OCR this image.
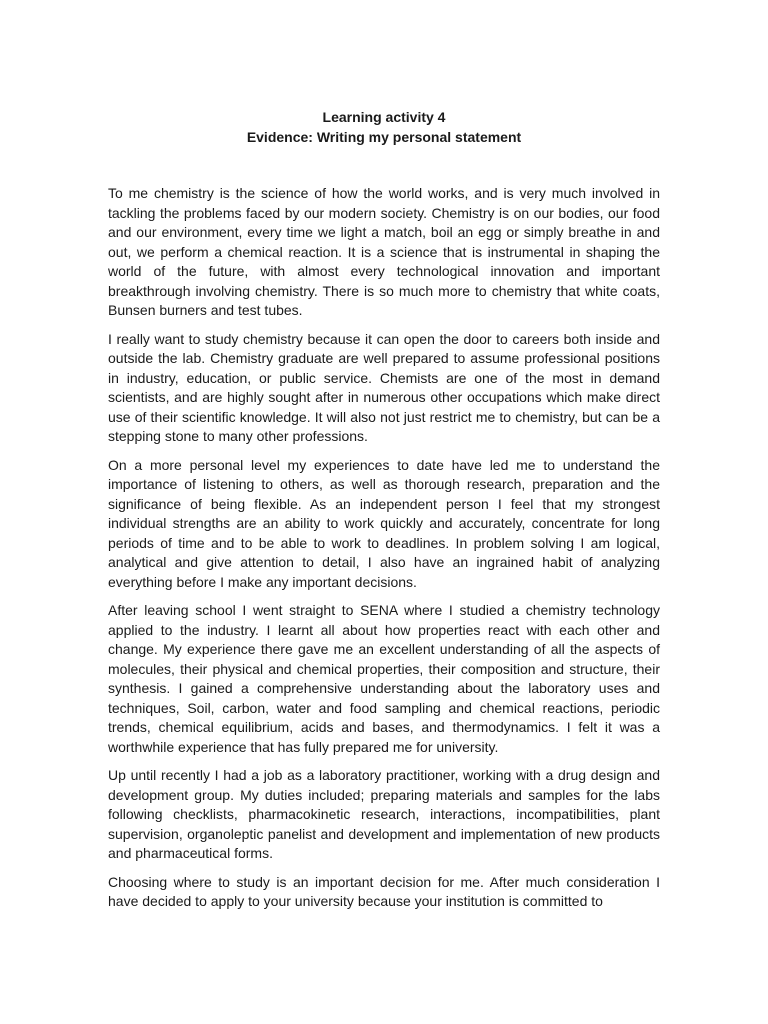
Learning activity 4
Evidence: Writing my personal statement

To me chemistry is the science of how the world works, and is very much involved in tackling the problems faced by our modern society. Chemistry is on our bodies, our food and our environment, every time we light a match, boil an egg or simply breathe in and out, we perform a chemical reaction. It is a science that is instrumental in shaping the world of the future, with almost every technological innovation and important breakthrough involving chemistry. There is so much more to chemistry that white coats, Bunsen burners and test tubes.

I really want to study chemistry because it can open the door to careers both inside and outside the lab. Chemistry graduate are well prepared to assume professional positions in industry, education, or public service. Chemists are one of the most in demand scientists, and are highly sought after in numerous other occupations which make direct use of their scientific knowledge. It will also not just restrict me to chemistry, but can be a stepping stone to many other professions.

On a more personal level my experiences to date have led me to understand the importance of listening to others, as well as thorough research, preparation and the significance of being flexible. As an independent person I feel that my strongest individual strengths are an ability to work quickly and accurately, concentrate for long periods of time and to be able to work to deadlines. In problem solving I am logical, analytical and give attention to detail, I also have an ingrained habit of analyzing everything before I make any important decisions.

After leaving school I went straight to SENA where I studied a chemistry technology applied to the industry. I learnt all about how properties react with each other and change. My experience there gave me an excellent understanding of all the aspects of molecules, their physical and chemical properties, their composition and structure, their synthesis. I gained a comprehensive understanding about the laboratory uses and techniques, Soil, carbon, water and food sampling and chemical reactions, periodic trends, chemical equilibrium, acids and bases, and thermodynamics. I felt it was a worthwhile experience that has fully prepared me for university.

Up until recently I had a job as a laboratory practitioner, working with a drug design and development group. My duties included; preparing materials and samples for the labs following checklists, pharmacokinetic research, interactions, incompatibilities, plant supervision, organoleptic panelist and development and implementation of new products and pharmaceutical forms.

Choosing where to study is an important decision for me. After much consideration I have decided to apply to your university because your institution is committed to
